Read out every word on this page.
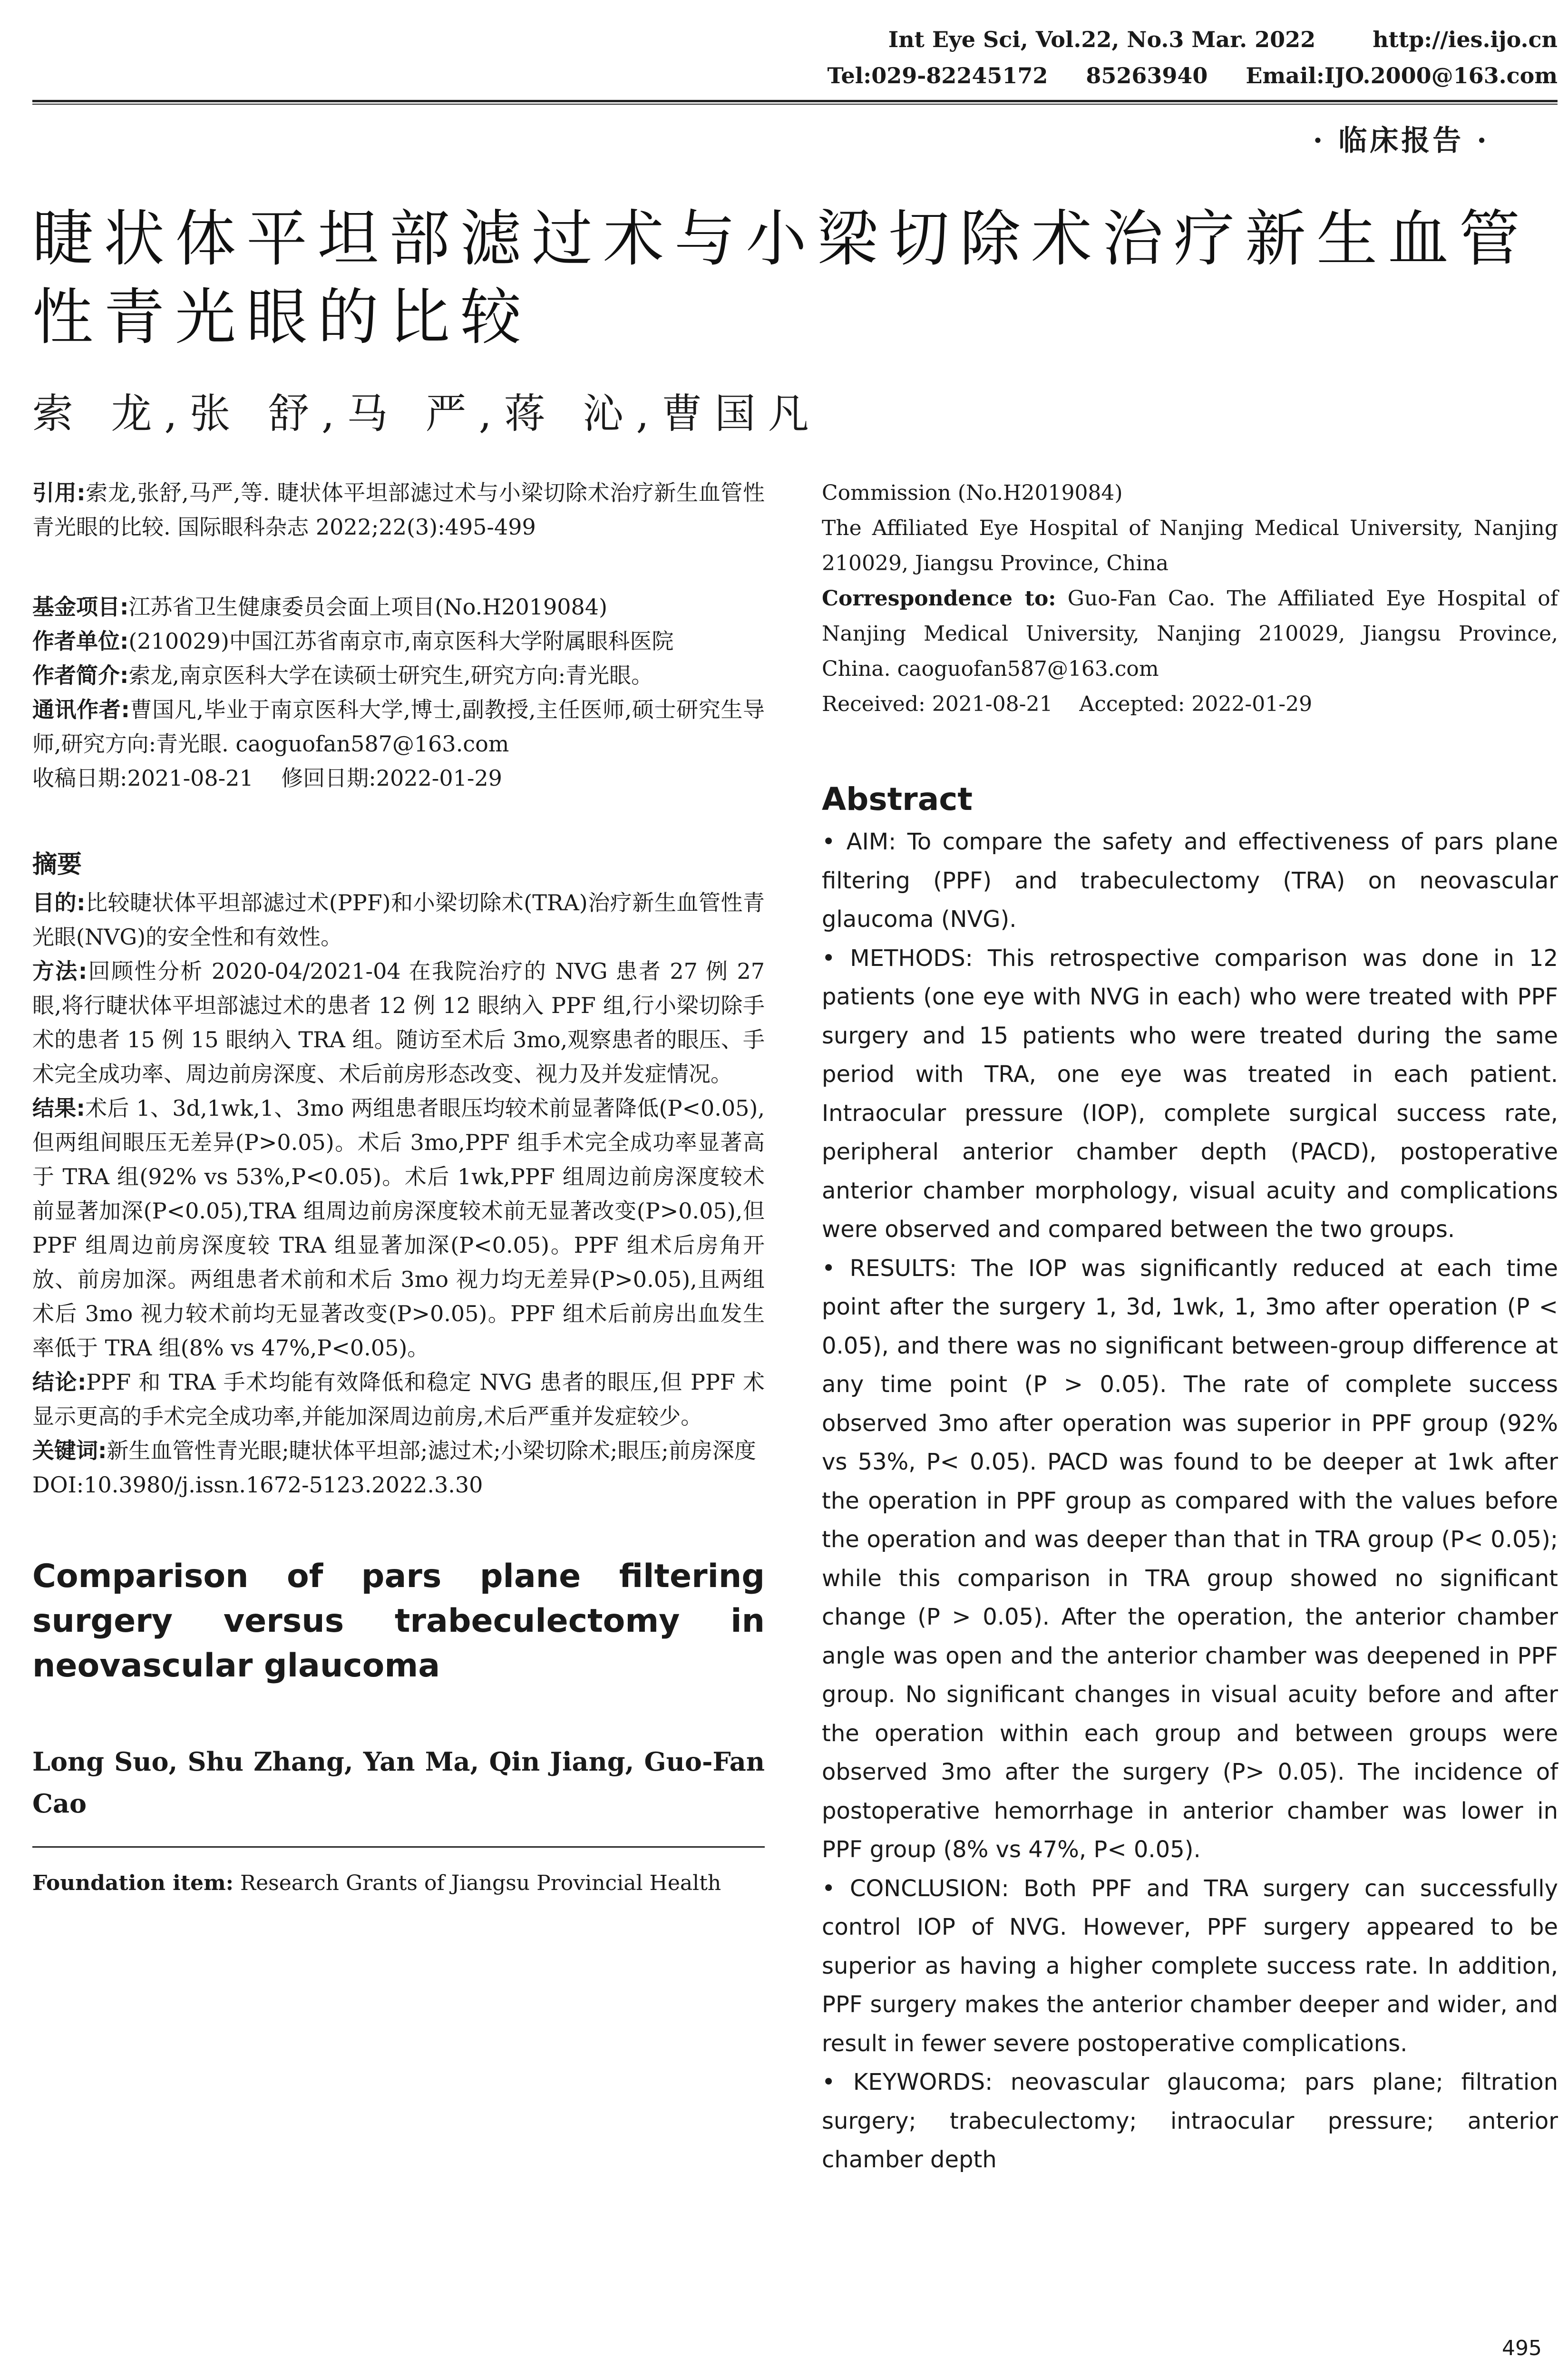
Int Eye Sci, Vol.22, No.3 Mar. 2022	http://ies.ijo.cn
Tel:029-82245172 85263940 Email:IJO.2000@163.com
· 临床报告 ·
睫状体平坦部滤过术与小梁切除术治疗新生血管性青光眼的比较
索 龙,张 舒,马 严,蒋 沁,曹国凡

引用:索龙,张舒,马严,等. 睫状体平坦部滤过术与小梁切除术治疗新生血管性青光眼的比较. 国际眼科杂志 2022;22(3):495-499

基金项目:江苏省卫生健康委员会面上项目(No.H2019084)

作者单位:(210029)中国江苏省南京市,南京医科大学附属眼科医院

作者简介:索龙,南京医科大学在读硕士研究生,研究方向:青光眼。

通讯作者:曹国凡,毕业于南京医科大学,博士,副教授,主任医师,硕士研究生导师,研究方向:青光眼. caoguofan587@163.com

收稿日期:2021-08-21    修回日期:2022-01-29

摘要

目的:比较睫状体平坦部滤过术(PPF)和小梁切除术(TRA)治疗新生血管性青光眼(NVG)的安全性和有效性。

方法:回顾性分析 2020-04/2021-04 在我院治疗的 NVG 患者 27 例 27 眼,将行睫状体平坦部滤过术的患者 12 例 12 眼纳入 PPF 组,行小梁切除手术的患者 15 例 15 眼纳入 TRA 组。随访至术后 3mo,观察患者的眼压、手术完全成功率、周边前房深度、术后前房形态改变、视力及并发症情况。

结果:术后 1、3d,1wk,1、3mo 两组患者眼压均较术前显著降低(P<0.05),但两组间眼压无差异(P>0.05)。术后 3mo,PPF 组手术完全成功率显著高于 TRA 组(92% vs 53%,P<0.05)。术后 1wk,PPF 组周边前房深度较术前显著加深(P<0.05),TRA 组周边前房深度较术前无显著改变(P>0.05),但 PPF 组周边前房深度较 TRA 组显著加深(P<0.05)。PPF 组术后房角开放、前房加深。两组患者术前和术后 3mo 视力均无差异(P>0.05),且两组术后 3mo 视力较术前均无显著改变(P>0.05)。PPF 组术后前房出血发生率低于 TRA 组(8% vs 47%,P<0.05)。

结论:PPF 和 TRA 手术均能有效降低和稳定 NVG 患者的眼压,但 PPF 术显示更高的手术完全成功率,并能加深周边前房,术后严重并发症较少。

关键词:新生血管性青光眼;睫状体平坦部;滤过术;小梁切除术;眼压;前房深度

DOI:10.3980/j.issn.1672-5123.2022.3.30

Comparison of pars plane filtering surgery versus trabeculectomy in neovascular glaucoma
Long Suo, Shu Zhang, Yan Ma, Qin Jiang, Guo-Fan Cao

Foundation item: Research Grants of Jiangsu Provincial Health

Commission (No.H2019084)

The Affiliated Eye Hospital of Nanjing Medical University, Nanjing 210029, Jiangsu Province, China

Correspondence to: Guo-Fan Cao. The Affiliated Eye Hospital of Nanjing Medical University, Nanjing 210029, Jiangsu Province, China. caoguofan587@163.com

Received: 2021-08-21    Accepted: 2022-01-29

Abstract

• AIM: To compare the safety and effectiveness of pars plane filtering (PPF) and trabeculectomy (TRA) on neovascular glaucoma (NVG).

• METHODS: This retrospective comparison was done in 12 patients (one eye with NVG in each) who were treated with PPF surgery and 15 patients who were treated during the same period with TRA, one eye was treated in each patient. Intraocular pressure (IOP), complete surgical success rate, peripheral anterior chamber depth (PACD), postoperative anterior chamber morphology, visual acuity and complications were observed and compared between the two groups.

• RESULTS: The IOP was significantly reduced at each time point after the surgery 1, 3d, 1wk, 1, 3mo after operation (P < 0.05), and there was no significant between-group difference at any time point (P > 0.05). The rate of complete success observed 3mo after operation was superior in PPF group (92% vs 53%, P< 0.05). PACD was found to be deeper at 1wk after the operation in PPF group as compared with the values before the operation and was deeper than that in TRA group (P< 0.05); while this comparison in TRA group showed no significant change (P > 0.05). After the operation, the anterior chamber angle was open and the anterior chamber was deepened in PPF group. No significant changes in visual acuity before and after the operation within each group and between groups were observed 3mo after the surgery (P> 0.05). The incidence of postoperative hemorrhage in anterior chamber was lower in PPF group (8% vs 47%, P< 0.05).

• CONCLUSION: Both PPF and TRA surgery can successfully control IOP of NVG. However, PPF surgery appeared to be superior as having a higher complete success rate. In addition, PPF surgery makes the anterior chamber deeper and wider, and result in fewer severe postoperative complications.

• KEYWORDS: neovascular glaucoma; pars plane; filtration surgery; trabeculectomy; intraocular pressure; anterior chamber depth

495
